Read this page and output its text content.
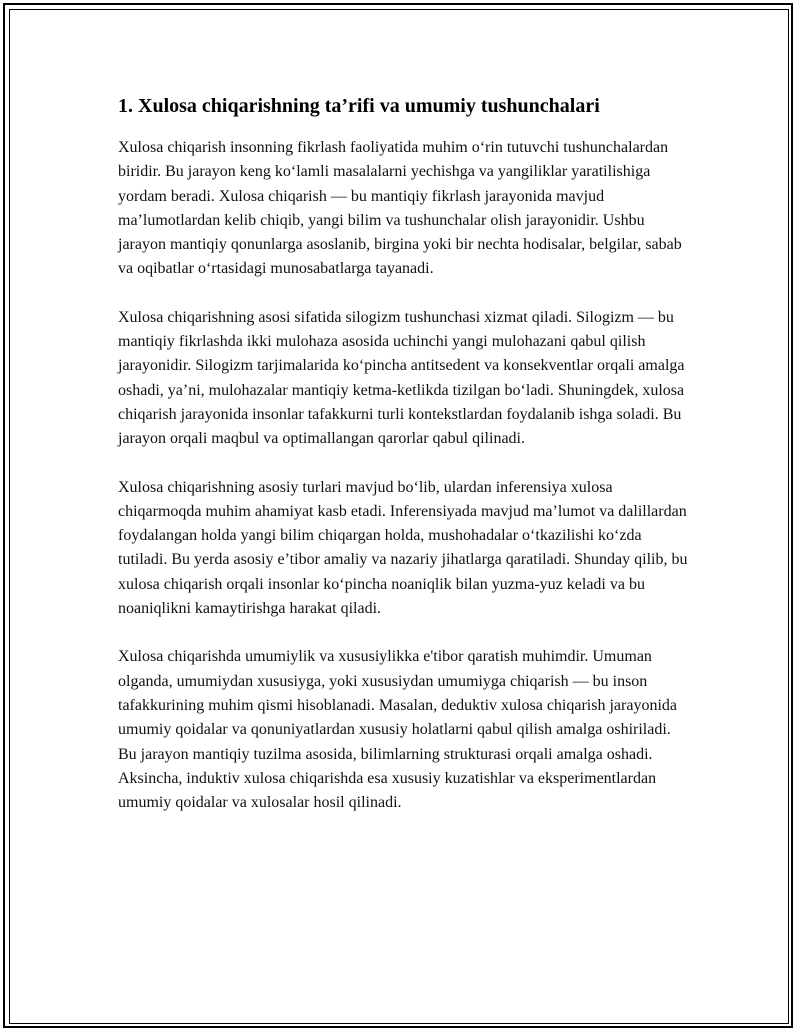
1. Xulosa chiqarishning ta’rifi va umumiy tushunchalari

Xulosa chiqarish insonning fikrlash faoliyatida muhim o‘rin tutuvchi tushunchalardan biridir. Bu jarayon keng ko‘lamli masalalarni yechishga va yangiliklar yaratilishiga yordam beradi. Xulosa chiqarish — bu mantiqiy fikrlash jarayonida mavjud ma’lumotlardan kelib chiqib, yangi bilim va tushunchalar olish jarayonidir. Ushbu jarayon mantiqiy qonunlarga asoslanib, birgina yoki bir nechta hodisalar, belgilar, sabab va oqibatlar o‘rtasidagi munosabatlarga tayanadi.

Xulosa chiqarishning asosi sifatida silogizm tushunchasi xizmat qiladi. Silogizm — bu mantiqiy fikrlashda ikki mulohaza asosida uchinchi yangi mulohazani qabul qilish jarayonidir. Silogizm tarjimalarida ko‘pincha antitsedent va konsekventlar orqali amalga oshadi, ya’ni, mulohazalar mantiqiy ketma-ketlikda tizilgan bo‘ladi. Shuningdek, xulosa chiqarish jarayonida insonlar tafakkurni turli kontekstlardan foydalanib ishga soladi. Bu jarayon orqali maqbul va optimallangan qarorlar qabul qilinadi.

Xulosa chiqarishning asosiy turlari mavjud bo‘lib, ulardan inferensiya xulosa chiqarmoqda muhim ahamiyat kasb etadi. Inferensiyada mavjud ma’lumot va dalillardan foydalangan holda yangi bilim chiqargan holda, mushohadalar o‘tkazilishi ko‘zda tutiladi. Bu yerda asosiy e’tibor amaliy va nazariy jihatlarga qaratiladi. Shunday qilib, bu xulosa chiqarish orqali insonlar ko‘pincha noaniqlik bilan yuzma-yuz keladi va bu noaniqlikni kamaytirishga harakat qiladi.

Xulosa chiqarishda umumiylik va xususiylikka e'tibor qaratish muhimdir. Umuman olganda, umumiydan xususiyga, yoki xususiydan umumiyga chiqarish — bu inson tafakkurining muhim qismi hisoblanadi. Masalan, deduktiv xulosa chiqarish jarayonida umumiy qoidalar va qonuniyatlardan xususiy holatlarni qabul qilish amalga oshiriladi. Bu jarayon mantiqiy tuzilma asosida, bilimlarning strukturasi orqali amalga oshadi. Aksincha, induktiv xulosa chiqarishda esa xususiy kuzatishlar va eksperimentlardan umumiy qoidalar va xulosalar hosil qilinadi.
